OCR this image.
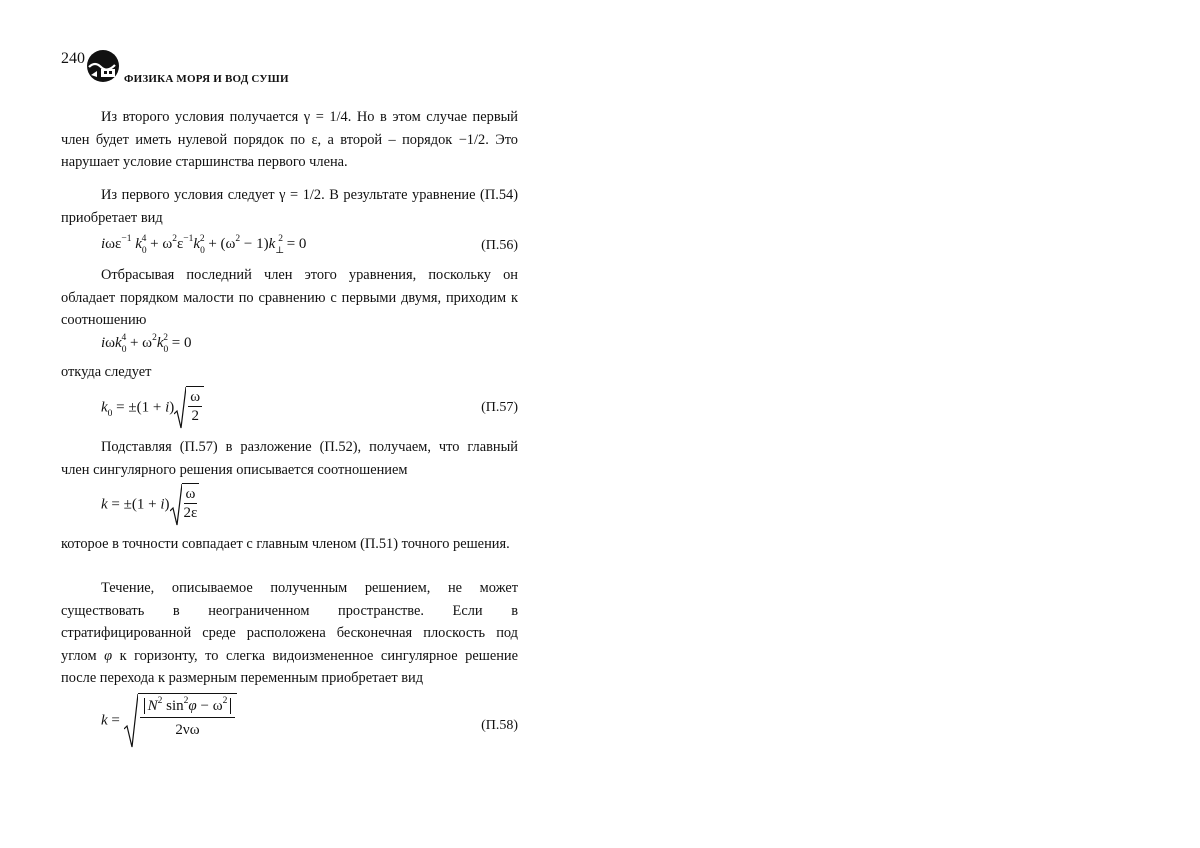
240
ФИЗИКА МОРЯ И ВОД СУШИ
Из второго условия получается γ = 1/4. Но в этом случае первый член будет иметь нулевой порядок по ε, а второй – порядок −1/2. Это нарушает условие старшинства первого члена.
Из первого условия следует γ = 1/2. В результате уравнение (П.54) приобретает вид
iωε$^{-1}$ $k_0^4 + \omega^2\varepsilon^{-1}k_0^2 + (\omega^2 - 1)k_\perp^2 = 0$	(П.56)
Отбрасывая последний член этого уравнения, поскольку он обладает порядком малости по сравнению с первыми двумя, приходим к соотношению
$i\omega k_0^4 + \omega^2k_0^2 = 0$
откуда следует
$k_0 = \pm(1 + i) \frac{\omega}{2}$	(П.57)
Подставляя (П.57) в разложение (П.52), получаем, что главный член сингулярного решения описывается соотношением
$k = \pm(1 + i) \frac{\omega}{2\varepsilon}$
которое в точности совпадает с главным членом (П.51) точного решения.
Течение, описываемое полученным решением, не может существовать в неограниченном пространстве. Если в стратифицированной среде расположена бесконечная плоскость под углом φ к горизонту, то слегка видоизмененное сингулярное решение после перехода к размерным переменным приобретает вид
$k = \frac{N^2 \sin^2\varphi - \omega^2}{2\nu\omega}$	(П.58)
